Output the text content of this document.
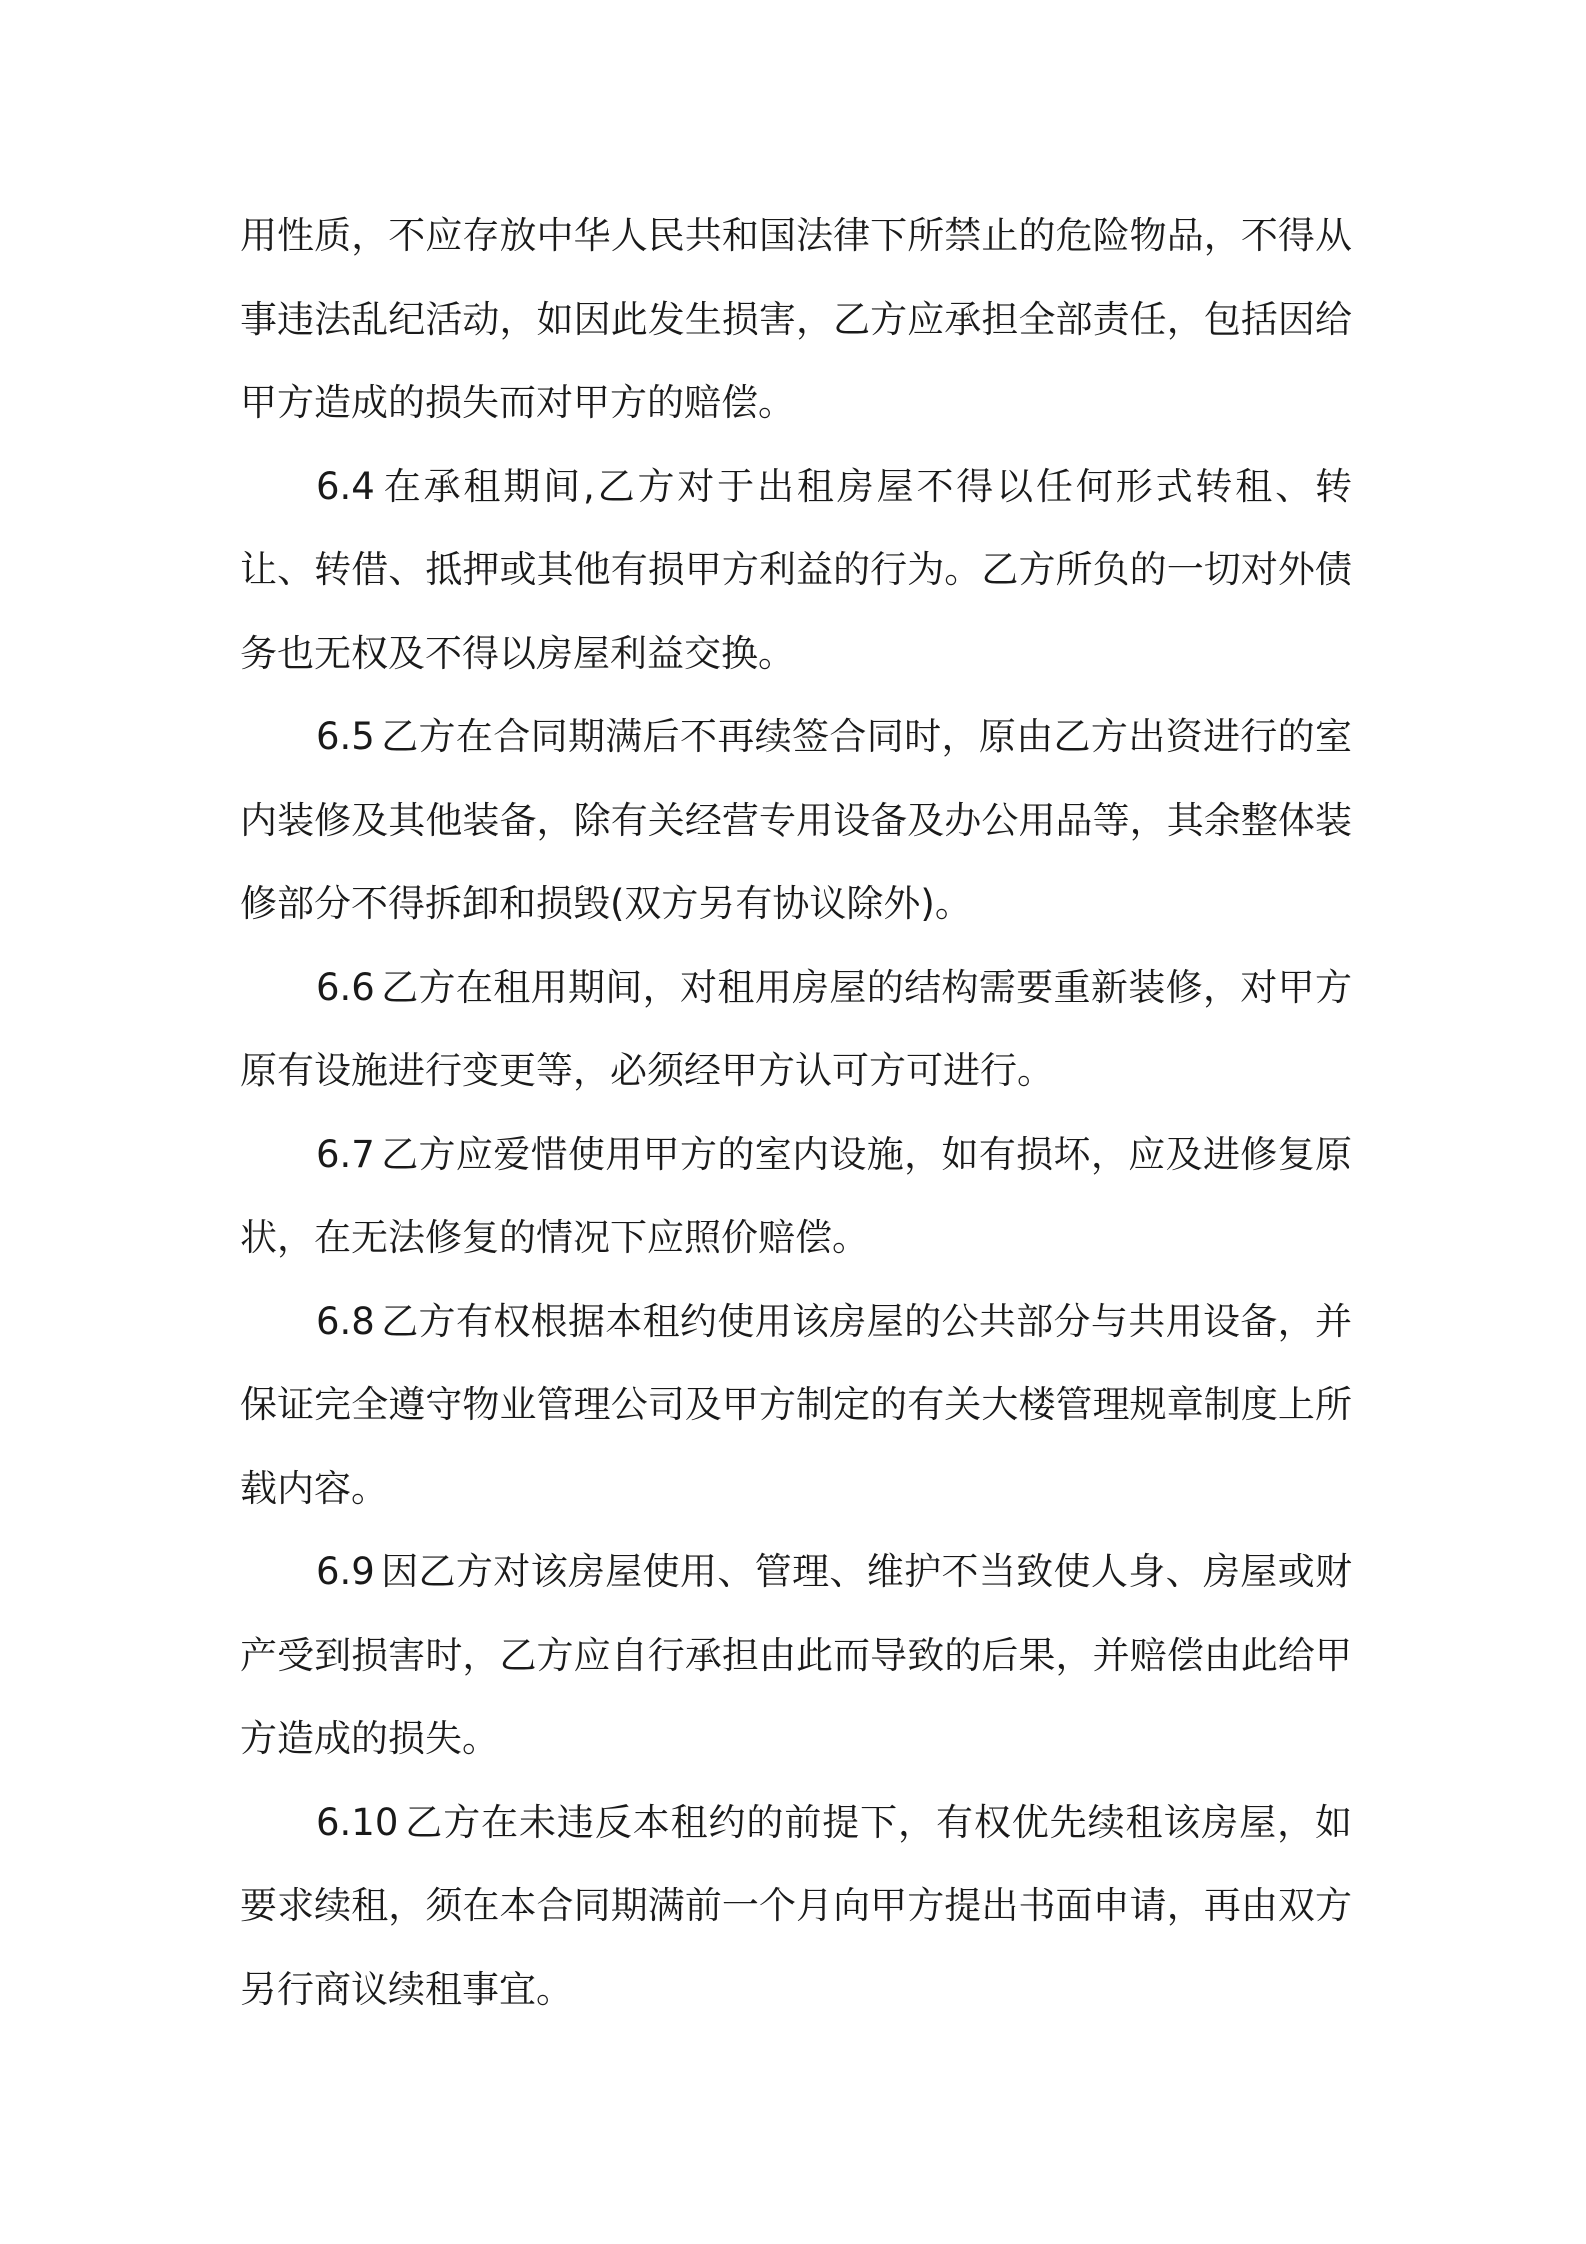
用性质，不应存放中华人民共和国法律下所禁止的危险物品，不得从事违法乱纪活动，如因此发生损害，乙方应承担全部责任，包括因给甲方造成的损失而对甲方的赔偿。

6.4 在承租期间,乙方对于出租房屋不得以任何形式转租、转让、转借、抵押或其他有损甲方利益的行为。乙方所负的一切对外债务也无权及不得以房屋利益交换。

6.5 乙方在合同期满后不再续签合同时，原由乙方出资进行的室内装修及其他装备，除有关经营专用设备及办公用品等，其余整体装修部分不得拆卸和损毁(双方另有协议除外)。

6.6 乙方在租用期间，对租用房屋的结构需要重新装修，对甲方原有设施进行变更等，必须经甲方认可方可进行。

6.7 乙方应爱惜使用甲方的室内设施，如有损坏，应及进修复原状，在无法修复的情况下应照价赔偿。

6.8 乙方有权根据本租约使用该房屋的公共部分与共用设备，并保证完全遵守物业管理公司及甲方制定的有关大楼管理规章制度上所载内容。

6.9 因乙方对该房屋使用、管理、维护不当致使人身、房屋或财产受到损害时，乙方应自行承担由此而导致的后果，并赔偿由此给甲方造成的损失。

6.10 乙方在未违反本租约的前提下，有权优先续租该房屋，如要求续租，须在本合同期满前一个月向甲方提出书面申请，再由双方另行商议续租事宜。
